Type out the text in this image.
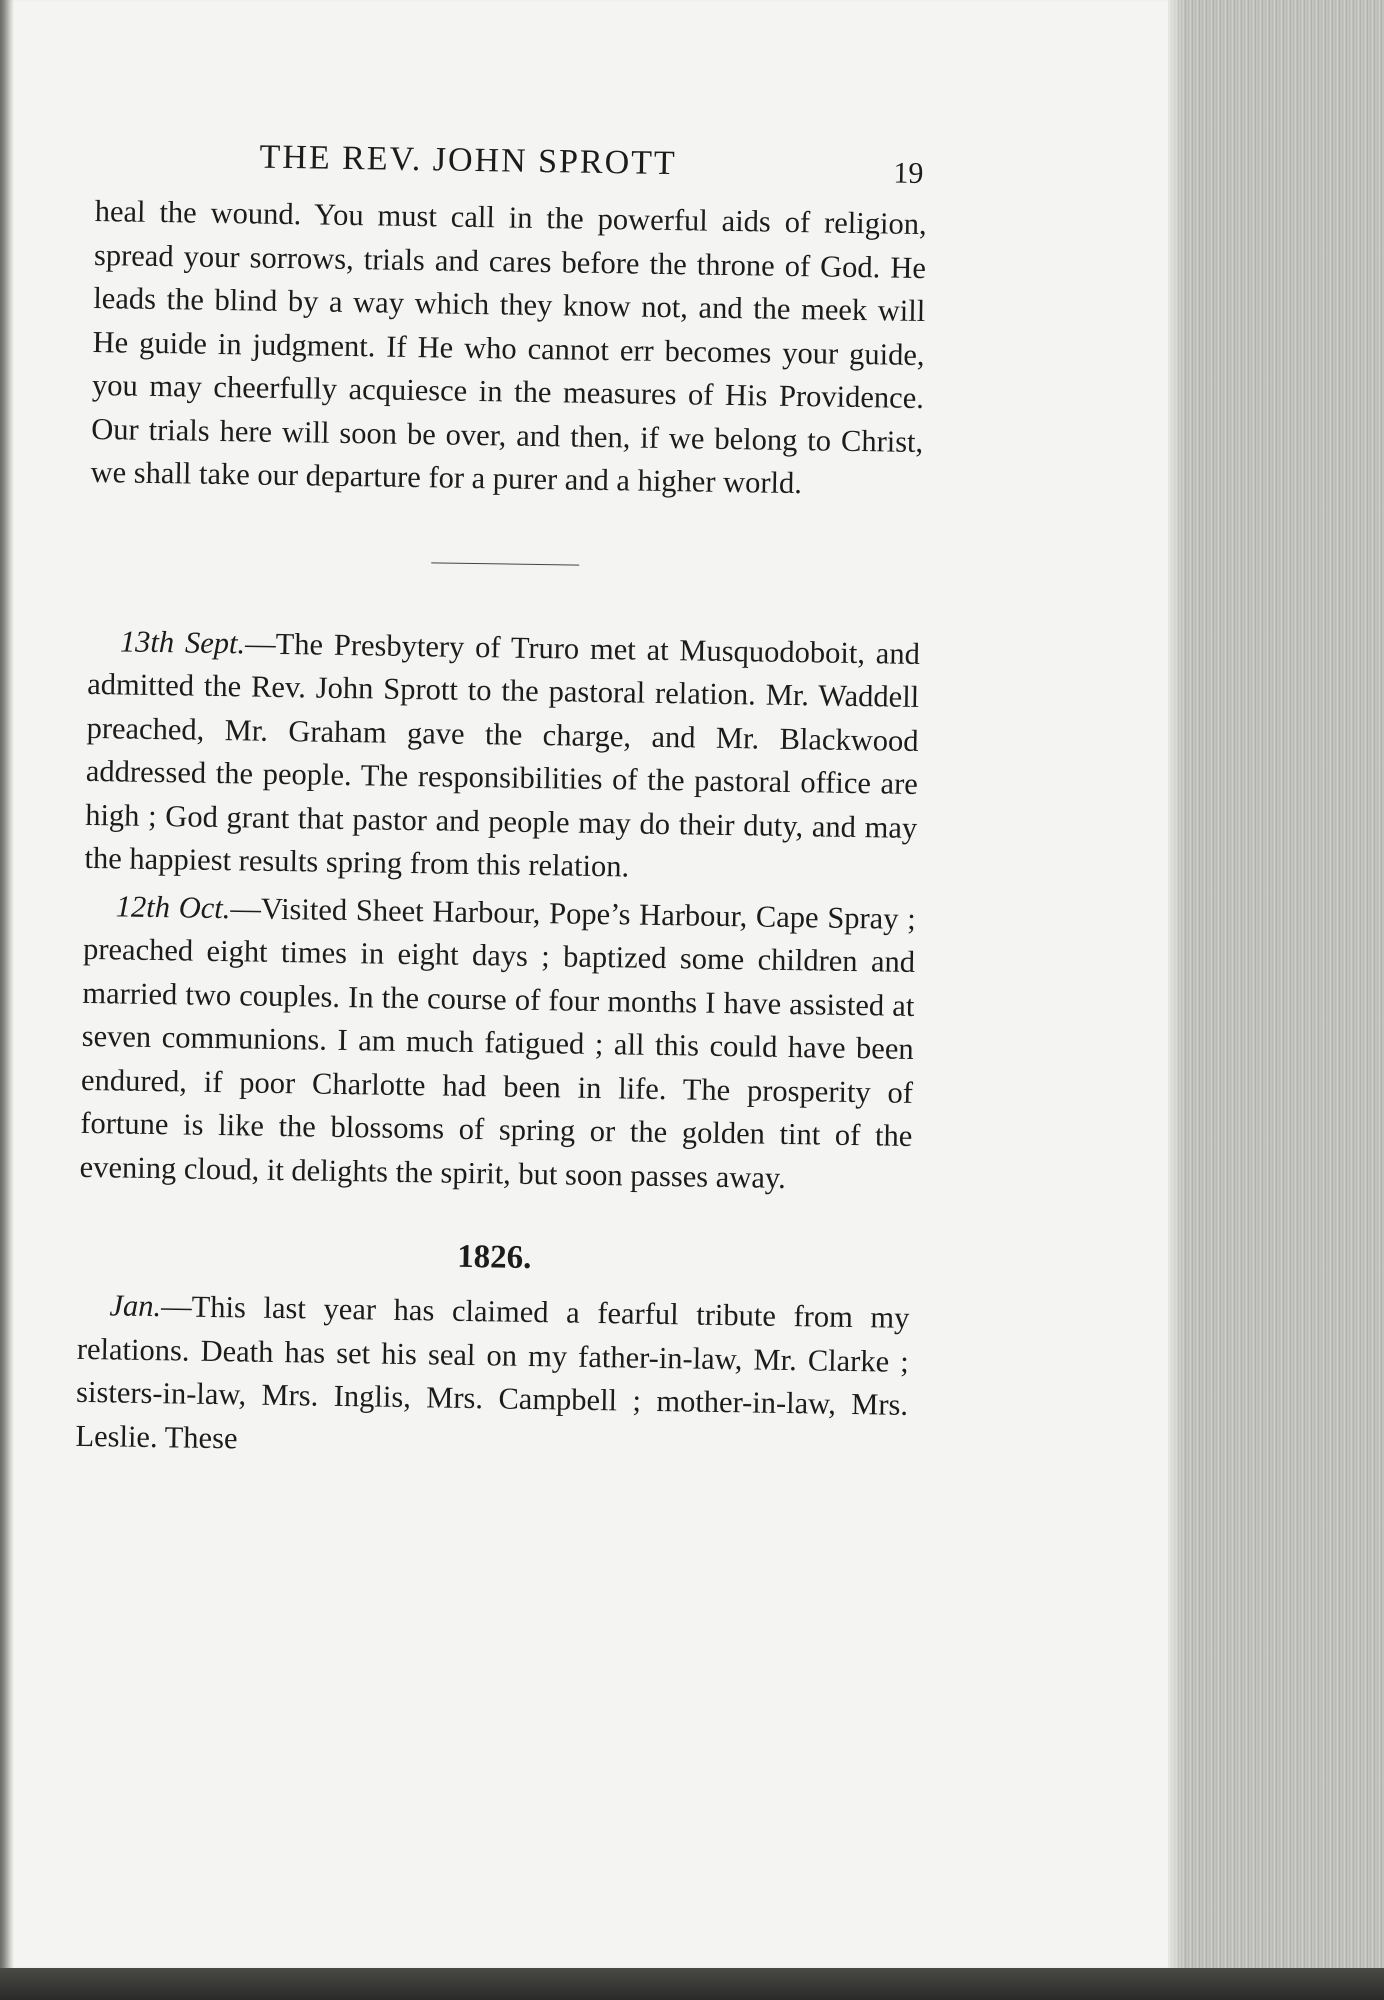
THE REV. JOHN SPROTT	19

heal the wound. You must call in the powerful aids of religion, spread your sorrows, trials and cares before the throne of God. He leads the blind by a way which they know not, and the meek will He guide in judgment. If He who cannot err becomes your guide, you may cheerfully acquiesce in the measures of His Providence. Our trials here will soon be over, and then, if we belong to Christ, we shall take our departure for a purer and a higher world.

13th Sept.—The Presbytery of Truro met at Musquodoboit, and admitted the Rev. John Sprott to the pastoral relation. Mr. Waddell preached, Mr. Graham gave the charge, and Mr. Blackwood addressed the people. The responsibilities of the pastoral office are high ; God grant that pastor and people may do their duty, and may the happiest results spring from this relation.

12th Oct.—Visited Sheet Harbour, Pope’s Harbour, Cape Spray ; preached eight times in eight days ; baptized some children and married two couples. In the course of four months I have assisted at seven communions. I am much fatigued ; all this could have been endured, if poor Charlotte had been in life. The prosperity of fortune is like the blossoms of spring or the golden tint of the evening cloud, it delights the spirit, but soon passes away.

1826.

Jan.—This last year has claimed a fearful tribute from my relations. Death has set his seal on my father-in-law, Mr. Clarke ; sisters-in-law, Mrs. Inglis, Mrs. Campbell ; mother-in-law, Mrs. Leslie. These
